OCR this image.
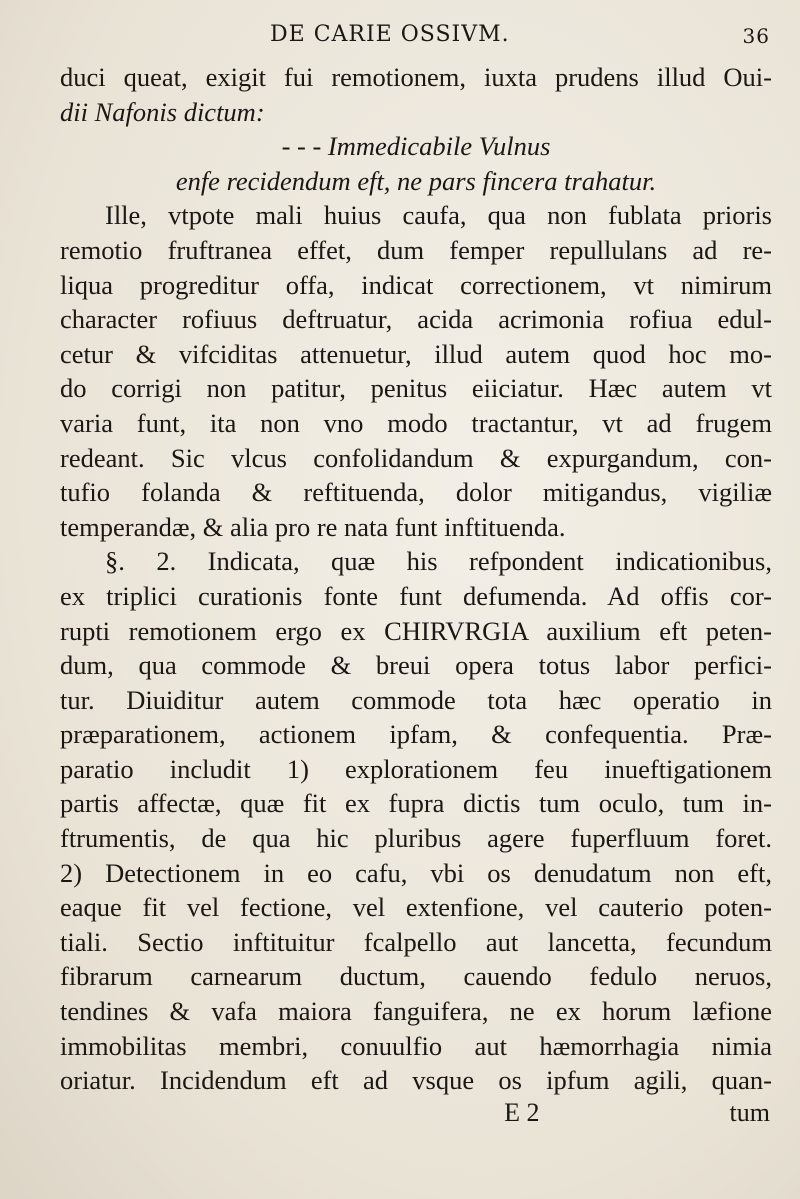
DE CARIE OSSIVM.	36
duci queat, exigit fui remotionem, iuxta prudens illud Oui-
dii Nafonis dictum:
- - - Immedicabile Vulnus
enfe recidendum eft, ne pars fincera trahatur.
Ille, vtpote mali huius caufa, qua non fublata prioris
remotio fruftranea effet, dum femper repullulans ad re-
liqua progreditur offa, indicat correctionem, vt nimirum
character rofiuus deftruatur, acida acrimonia rofiua edul-
cetur & vifciditas attenuetur, illud autem quod hoc mo-
do corrigi non patitur, penitus eiiciatur. Hæc autem vt
varia funt, ita non vno modo tractantur, vt ad frugem
redeant. Sic vlcus confolidandum & expurgandum, con-
tufio folanda & reftituenda, dolor mitigandus, vigiliæ
temperandæ, & alia pro re nata funt inftituenda.
§. 2. Indicata, quæ his refpondent indicationibus,
ex triplici curationis fonte funt defumenda. Ad offis cor-
rupti remotionem ergo ex CHIRVRGIA auxilium eft peten-
dum, qua commode & breui opera totus labor perfici-
tur. Diuiditur autem commode tota hæc operatio in
præparationem, actionem ipfam, & confequentia. Præ-
paratio includit 1) explorationem feu inueftigationem
partis affectæ, quæ fit ex fupra dictis tum oculo, tum in-
ftrumentis, de qua hic pluribus agere fuperfluum foret.
2) Detectionem in eo cafu, vbi os denudatum non eft,
eaque fit vel fectione, vel extenfione, vel cauterio poten-
tiali. Sectio inftituitur fcalpello aut lancetta, fecundum
fibrarum carnearum ductum, cauendo fedulo neruos,
tendines & vafa maiora fanguifera, ne ex horum læfione
immobilitas membri, conuulfio aut hæmorrhagia nimia
oriatur. Incidendum eft ad vsque os ipfum agili, quan-
E 2	tum
